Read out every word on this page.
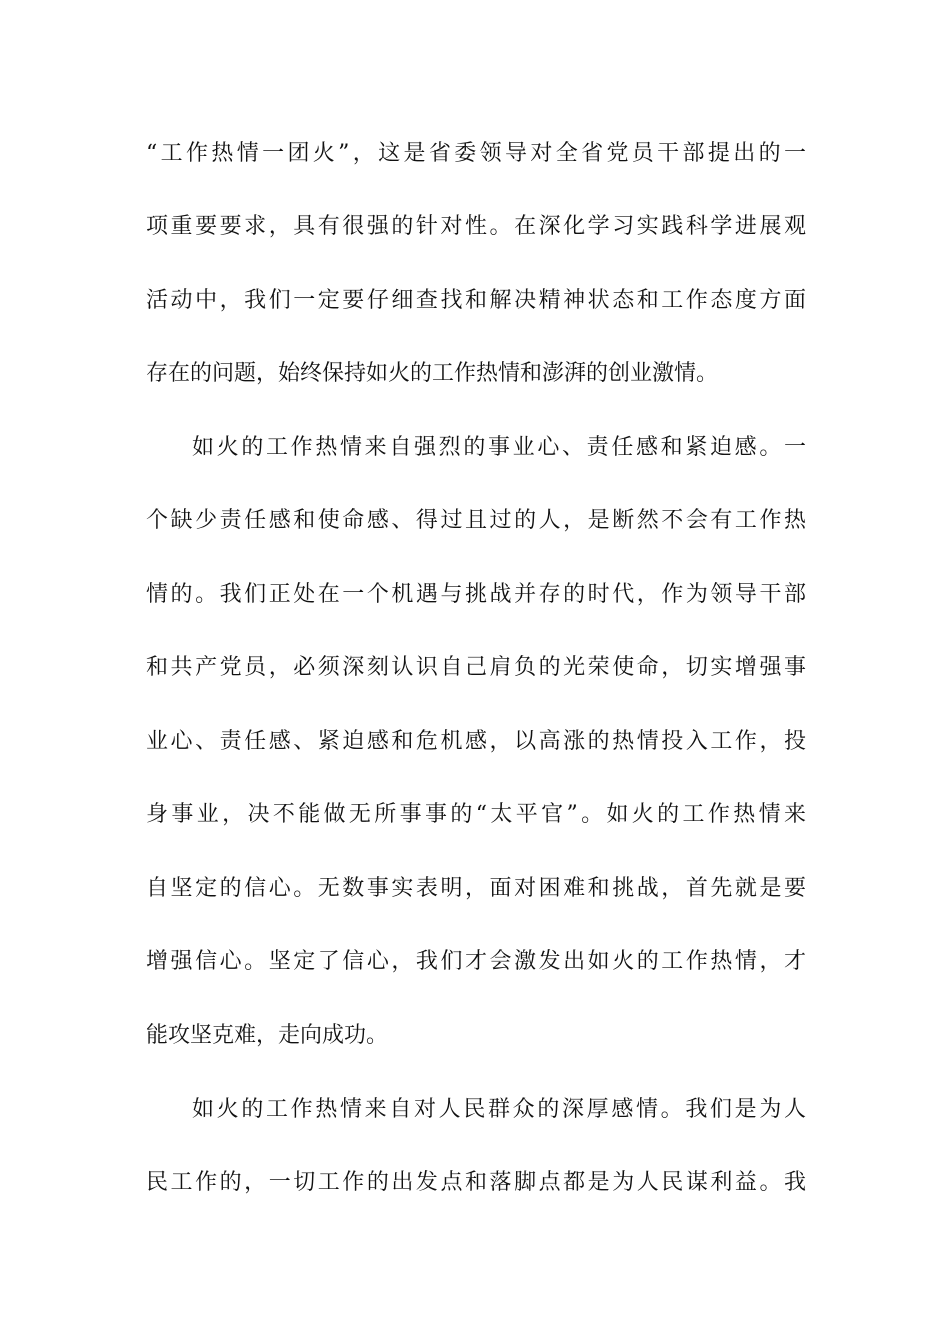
“工作热情一团火”，这是省委领导对全省党员干部提出的一
项重要要求，具有很强的针对性。在深化学习实践科学进展观
活动中，我们一定要仔细查找和解决精神状态和工作态度方面
存在的问题，始终保持如火的工作热情和澎湃的创业激情。
如火的工作热情来自强烈的事业心、责任感和紧迫感。一
个缺少责任感和使命感、得过且过的人，是断然不会有工作热
情的。我们正处在一个机遇与挑战并存的时代，作为领导干部
和共产党员，必须深刻认识自己肩负的光荣使命，切实增强事
业心、责任感、紧迫感和危机感，以高涨的热情投入工作，投
身事业，决不能做无所事事的“太平官”。如火的工作热情来
自坚定的信心。无数事实表明，面对困难和挑战，首先就是要
增强信心。坚定了信心，我们才会激发出如火的工作热情，才
能攻坚克难，走向成功。
如火的工作热情来自对人民群众的深厚感情。我们是为人
民工作的，一切工作的出发点和落脚点都是为人民谋利益。我
